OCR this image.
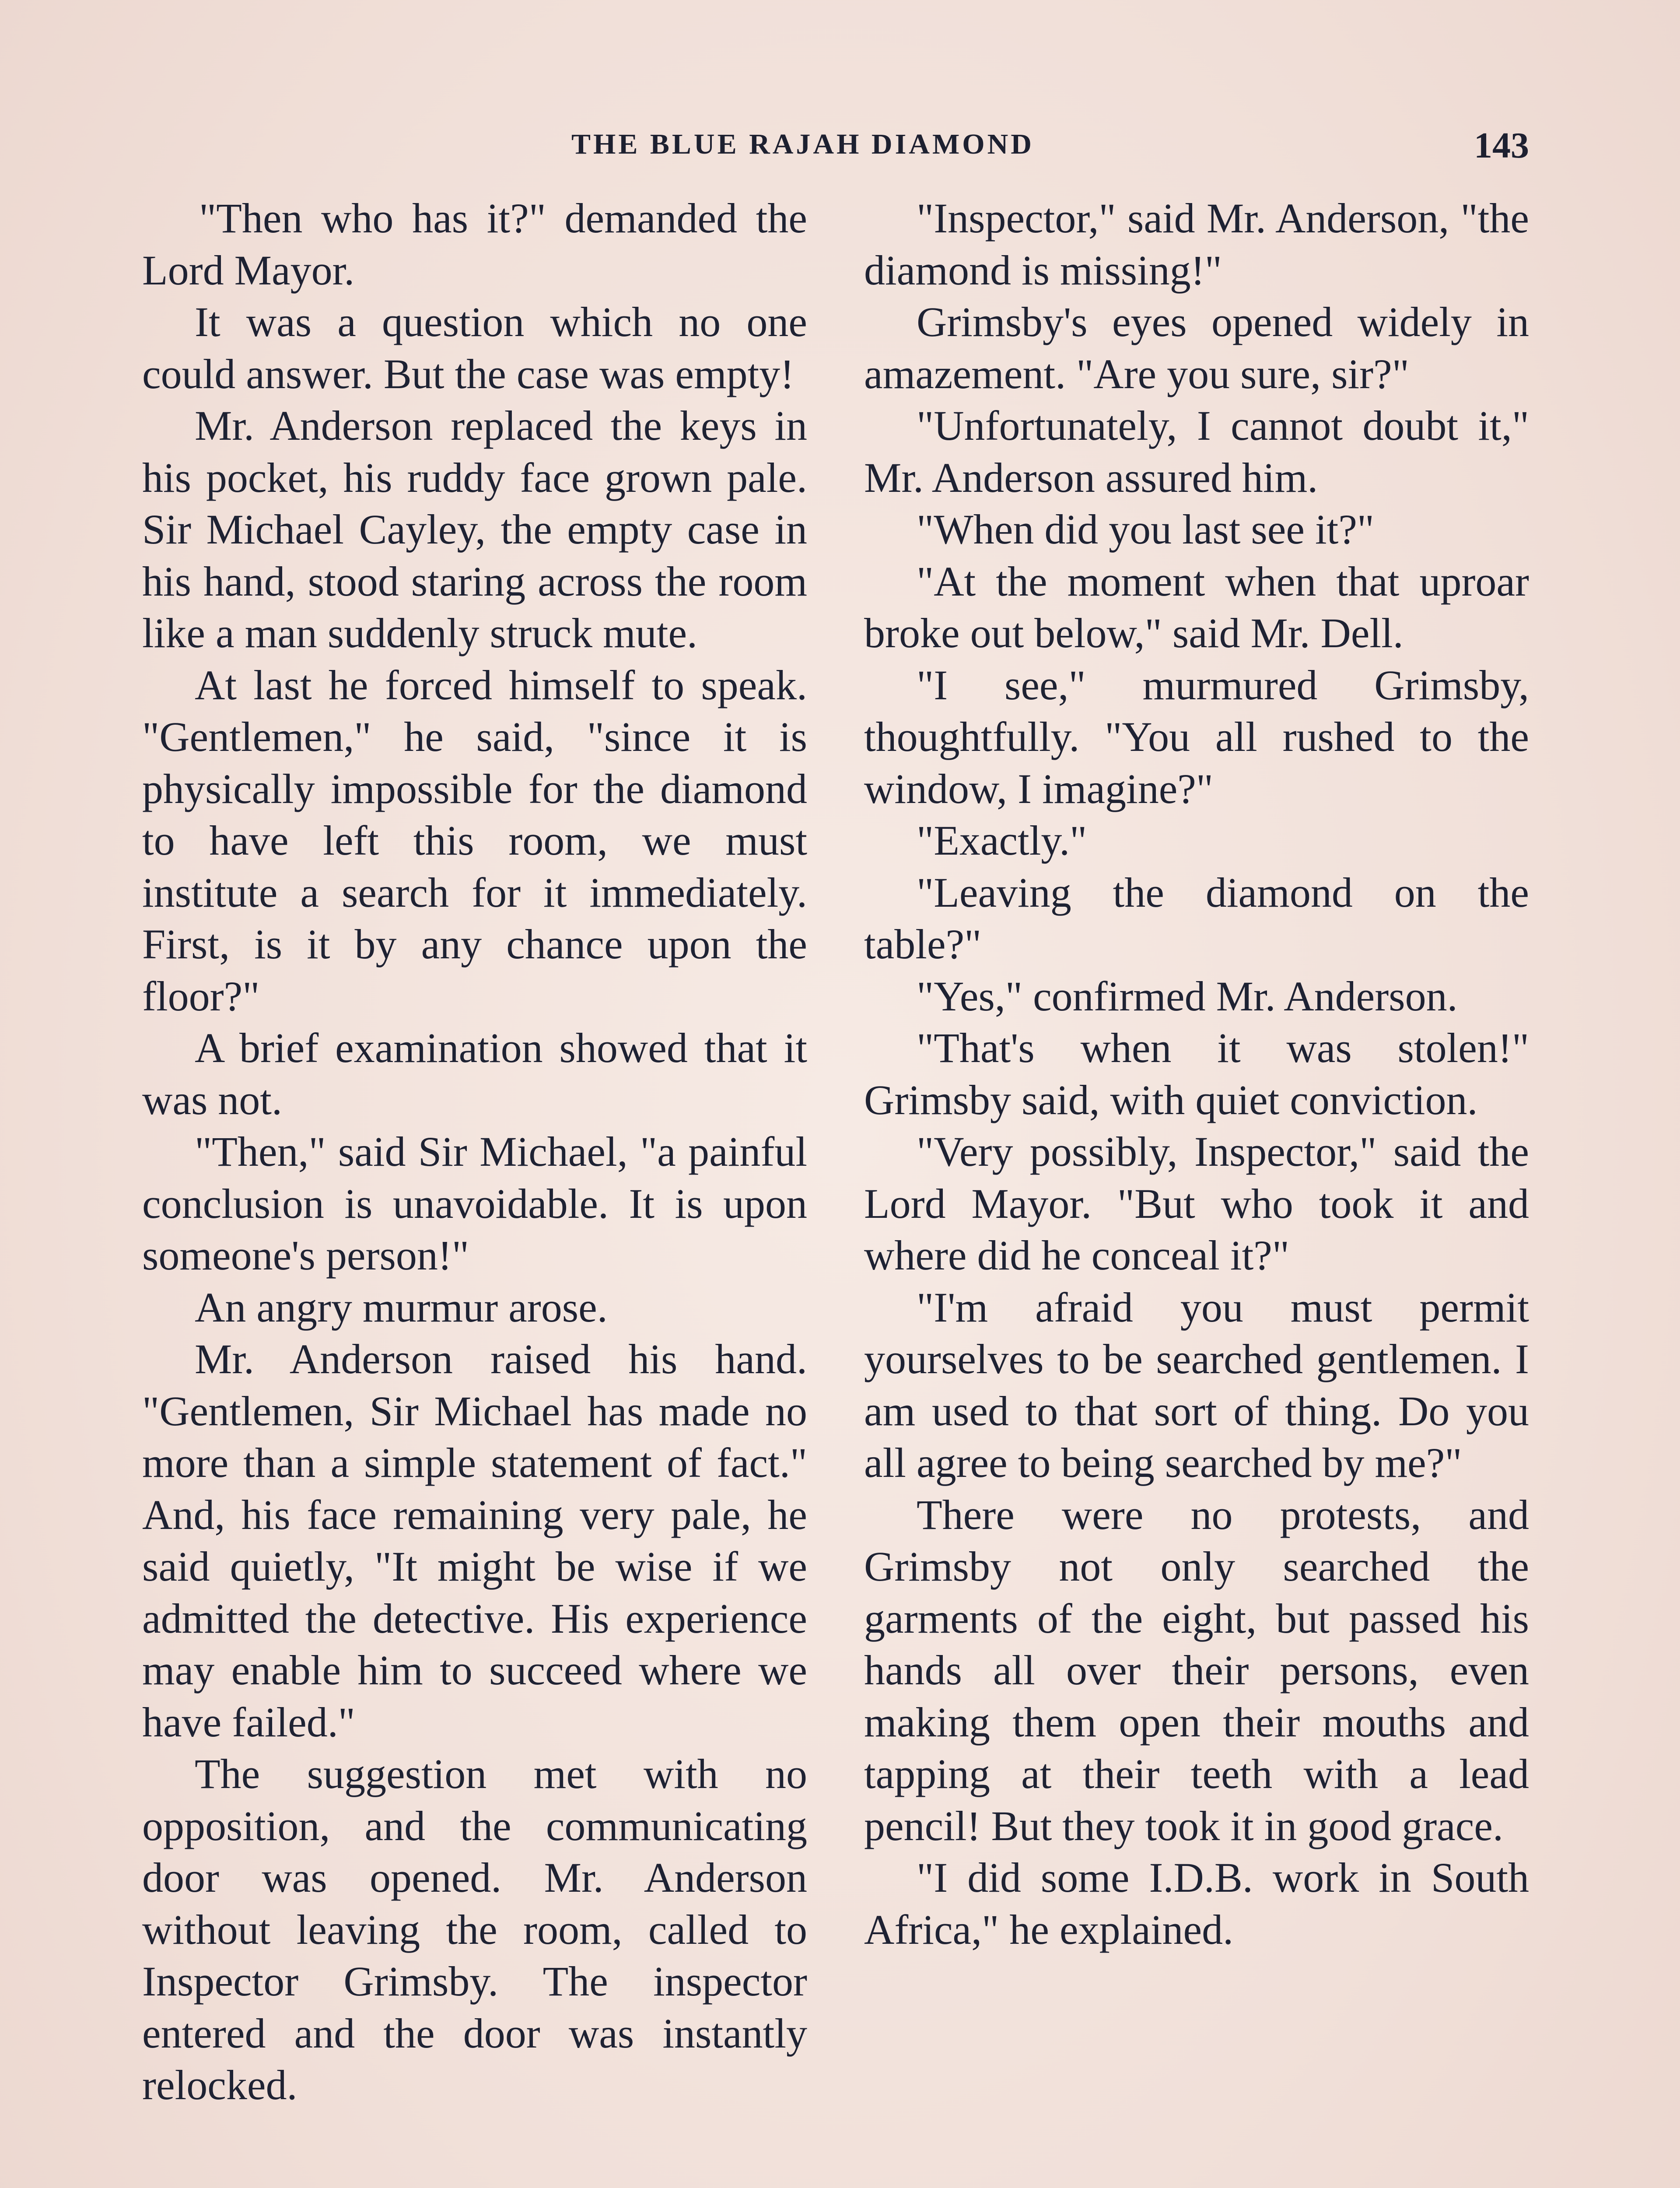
THE BLUE RAJAH DIAMOND	143

"Then who has it?" demanded the Lord Mayor.

It was a question which no one could answer. But the case was empty!

Mr. Anderson replaced the keys in his pocket, his ruddy face grown pale. Sir Michael Cayley, the empty case in his hand, stood staring across the room like a man suddenly struck mute.

At last he forced himself to speak. "Gentlemen," he said, "since it is physically impossible for the diamond to have left this room, we must institute a search for it immediately. First, is it by any chance upon the floor?"

A brief examination showed that it was not.

"Then," said Sir Michael, "a painful conclusion is unavoidable. It is upon someone's person!"

An angry murmur arose.

Mr. Anderson raised his hand. "Gentlemen, Sir Michael has made no more than a simple statement of fact." And, his face remaining very pale, he said quietly, "It might be wise if we admitted the detective. His experience may enable him to succeed where we have failed."

The suggestion met with no opposition, and the communicating door was opened. Mr. Anderson without leaving the room, called to Inspector Grimsby. The inspector entered and the door was instantly relocked.

"Inspector," said Mr. Anderson, "the diamond is missing!"

Grimsby's eyes opened widely in amazement. "Are you sure, sir?"

"Unfortunately, I cannot doubt it," Mr. Anderson assured him.

"When did you last see it?"

"At the moment when that uproar broke out below," said Mr. Dell.

"I see," murmured Grimsby, thoughtfully. "You all rushed to the window, I imagine?"

"Exactly."

"Leaving the diamond on the table?"

"Yes," confirmed Mr. Anderson.

"That's when it was stolen!" Grimsby said, with quiet conviction.

"Very possibly, Inspector," said the Lord Mayor. "But who took it and where did he conceal it?"

"I'm afraid you must permit yourselves to be searched gentlemen. I am used to that sort of thing. Do you all agree to being searched by me?"

There were no protests, and Grimsby not only searched the garments of the eight, but passed his hands all over their persons, even making them open their mouths and tapping at their teeth with a lead pencil! But they took it in good grace.

"I did some I.D.B. work in South Africa," he explained.
